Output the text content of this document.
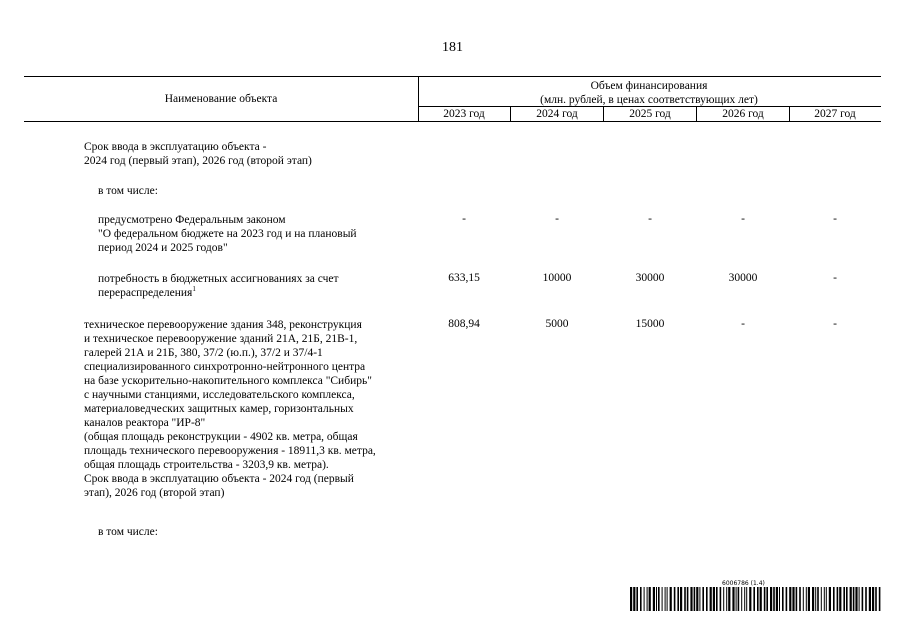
181
Наименование объекта
Объем финансирования
(млн. рублей, в ценах соответствующих лет)
2023 год	2024 год	2025 год	2026 год	2027 год
Срок ввода в эксплуатацию объекта -
2024 год (первый этап), 2026 год (второй этап)
в том числе:
предусмотрено Федеральным законом
"О федеральном бюджете на 2023 год и на плановый
период 2024 и 2025 годов"
-	-	-	-	-
потребность в бюджетных ассигнованиях за счет
перераспределения$^1$
633,15	10000	30000	30000	-
техническое перевооружение здания 348, реконструкция
и техническое перевооружение зданий 21А, 21Б, 21В-1,
галерей 21А и 21Б, 380, 37/2 (ю.п.), 37/2 и 37/4-1
специализированного синхротронно-нейтронного центра
на базе ускорительно-накопительного комплекса "Сибирь"
с научными станциями, исследовательского комплекса,
материаловедческих защитных камер, горизонтальных
каналов реактора "ИР-8"
(общая площадь реконструкции - 4902 кв. метра, общая
площадь технического перевооружения - 18911,3 кв. метра,
общая площадь строительства - 3203,9 кв. метра).
Срок ввода в эксплуатацию объекта - 2024 год (первый
этап), 2026 год (второй этап)
808,94	5000	15000	-	-
в том числе:
6006786 (1.4)
